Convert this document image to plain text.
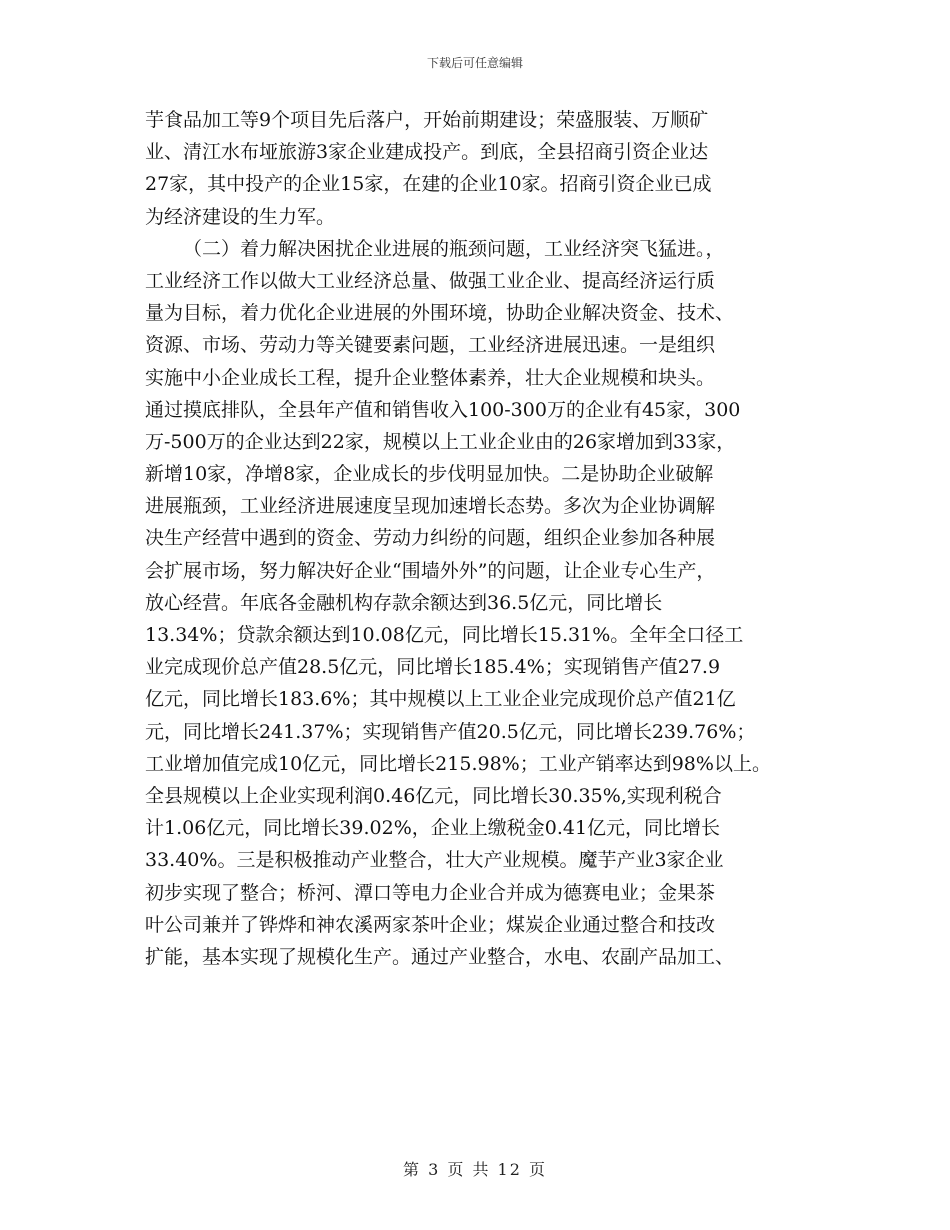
下载后可任意编辑
芋食品加工等9个项目先后落户，开始前期建设；荣盛服装、万顺矿
业、清江水布垭旅游3家企业建成投产。到底，全县招商引资企业达
27家，其中投产的企业15家，在建的企业10家。招商引资企业已成
为经济建设的生力军。
（二）着力解决困扰企业进展的瓶颈问题，工业经济突飞猛进。，
工业经济工作以做大工业经济总量、做强工业企业、提高经济运行质
量为目标，着力优化企业进展的外围环境，协助企业解决资金、技术、
资源、市场、劳动力等关键要素问题，工业经济进展迅速。一是组织
实施中小企业成长工程，提升企业整体素养，壮大企业规模和块头。
通过摸底排队，全县年产值和销售收入100-300万的企业有45家，300
万-500万的企业达到22家，规模以上工业企业由的26家增加到33家，
新增10家，净增8家，企业成长的步伐明显加快。二是协助企业破解
进展瓶颈，工业经济进展速度呈现加速增长态势。多次为企业协调解
决生产经营中遇到的资金、劳动力纠纷的问题，组织企业参加各种展
会扩展市场，努力解决好企业“围墙外外”的问题，让企业专心生产，
放心经营。年底各金融机构存款余额达到36.5亿元，同比增长
13.34%；贷款余额达到10.08亿元，同比增长15.31%。全年全口径工
业完成现价总产值28.5亿元，同比增长185.4%；实现销售产值27.9
亿元，同比增长183.6%；其中规模以上工业企业完成现价总产值21亿
元，同比增长241.37%；实现销售产值20.5亿元，同比增长239.76%；
工业增加值完成10亿元，同比增长215.98%；工业产销率达到98%以上。
全县规模以上企业实现利润0.46亿元，同比增长30.35%,实现利税合
计1.06亿元，同比增长39.02%，企业上缴税金0.41亿元，同比增长
33.40%。三是积极推动产业整合，壮大产业规模。魔芋产业3家企业
初步实现了整合；桥河、潭口等电力企业合并成为德赛电业；金果茶
叶公司兼并了铧烨和神农溪两家茶叶企业；煤炭企业通过整合和技改
扩能，基本实现了规模化生产。通过产业整合，水电、农副产品加工、
第 3 页 共 12 页
